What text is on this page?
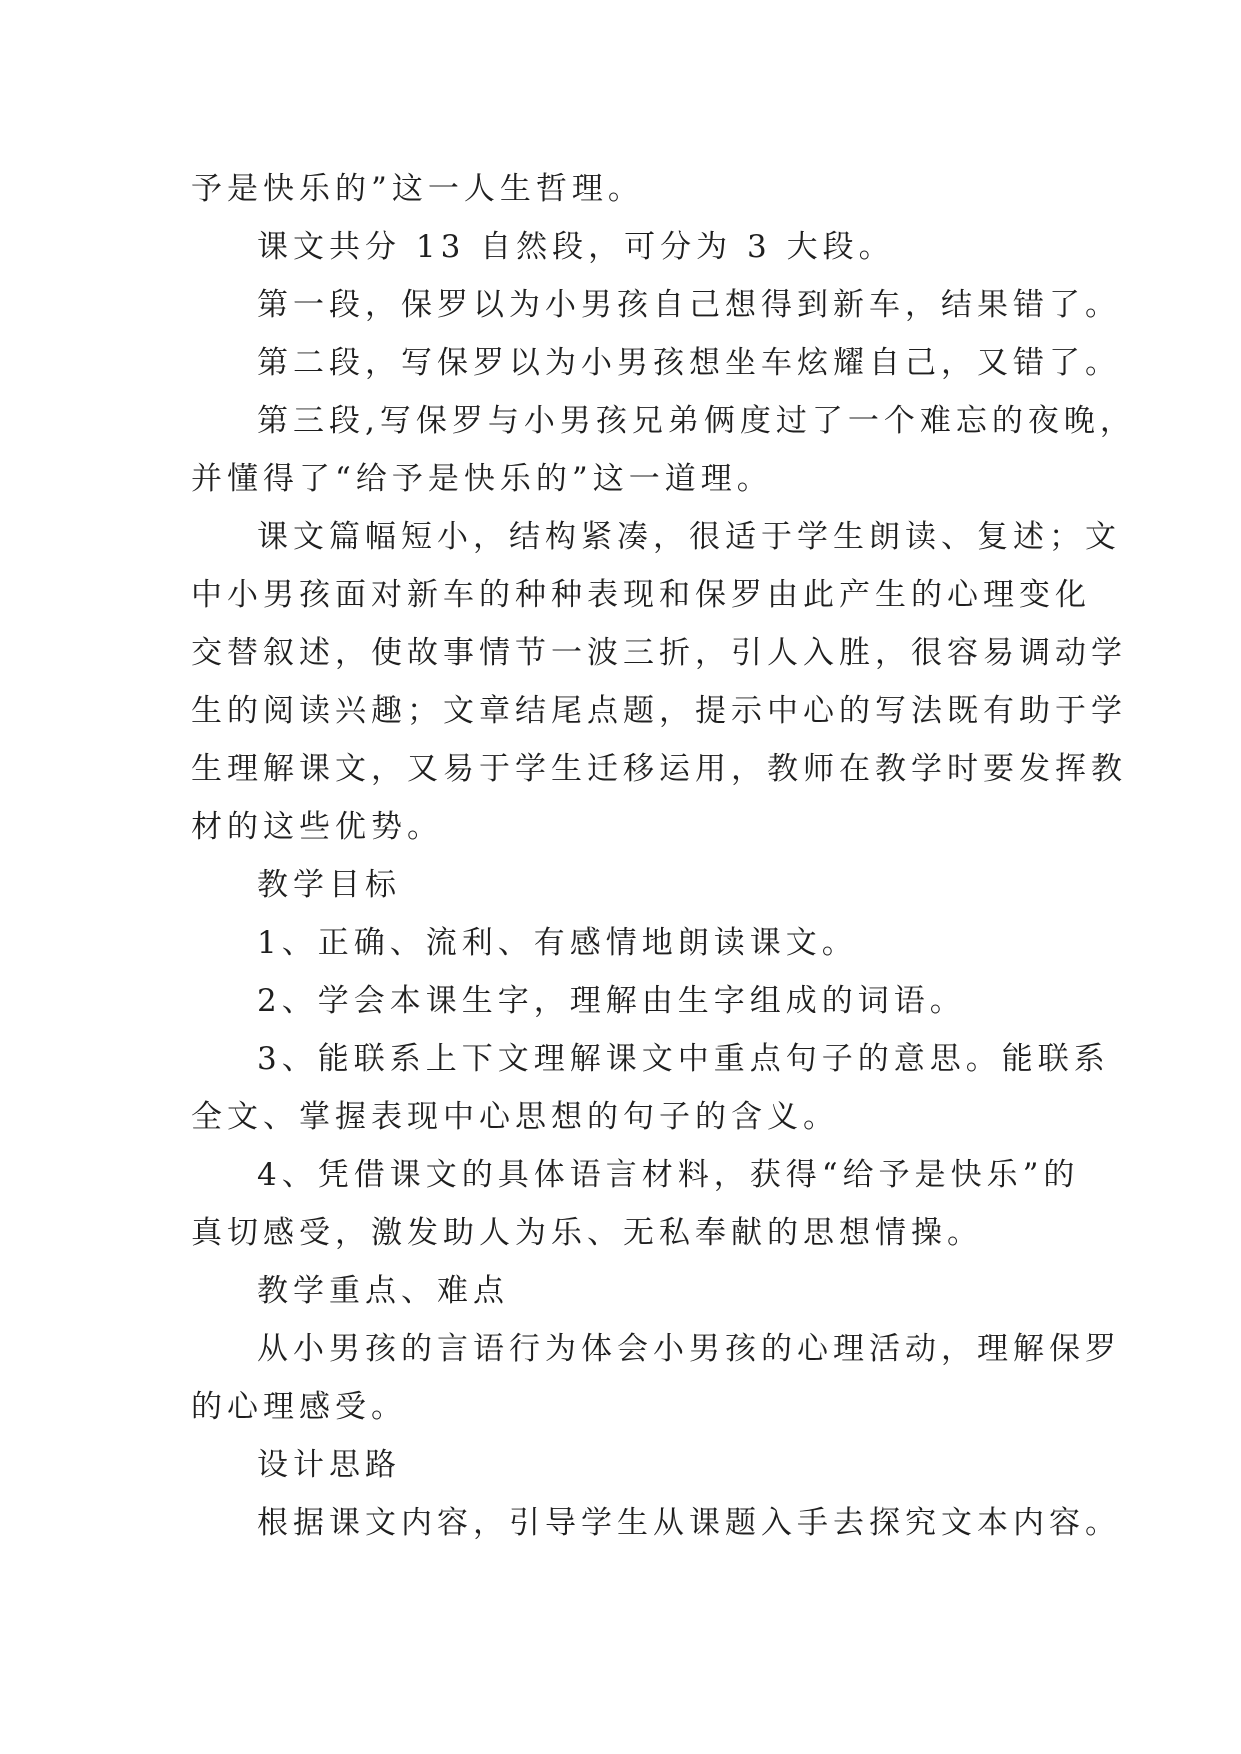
予是快乐的”这一人生哲理。
课文共分 13 自然段，可分为 3 大段。
第一段，保罗以为小男孩自己想得到新车，结果错了。
第二段，写保罗以为小男孩想坐车炫耀自己，又错了。
第三段,写保罗与小男孩兄弟俩度过了一个难忘的夜晚，
并懂得了“给予是快乐的”这一道理。
课文篇幅短小，结构紧凑，很适于学生朗读、复述；文
中小男孩面对新车的种种表现和保罗由此产生的心理变化
交替叙述，使故事情节一波三折，引人入胜，很容易调动学
生的阅读兴趣；文章结尾点题，提示中心的写法既有助于学
生理解课文，又易于学生迁移运用，教师在教学时要发挥教
材的这些优势。
教学目标
1、正确、流利、有感情地朗读课文。
2、学会本课生字，理解由生字组成的词语。
3、能联系上下文理解课文中重点句子的意思。能联系
全文、掌握表现中心思想的句子的含义。
4、凭借课文的具体语言材料，获得“给予是快乐”的
真切感受，激发助人为乐、无私奉献的思想情操。
教学重点、难点
从小男孩的言语行为体会小男孩的心理活动，理解保罗
的心理感受。
设计思路
根据课文内容，引导学生从课题入手去探究文本内容。
